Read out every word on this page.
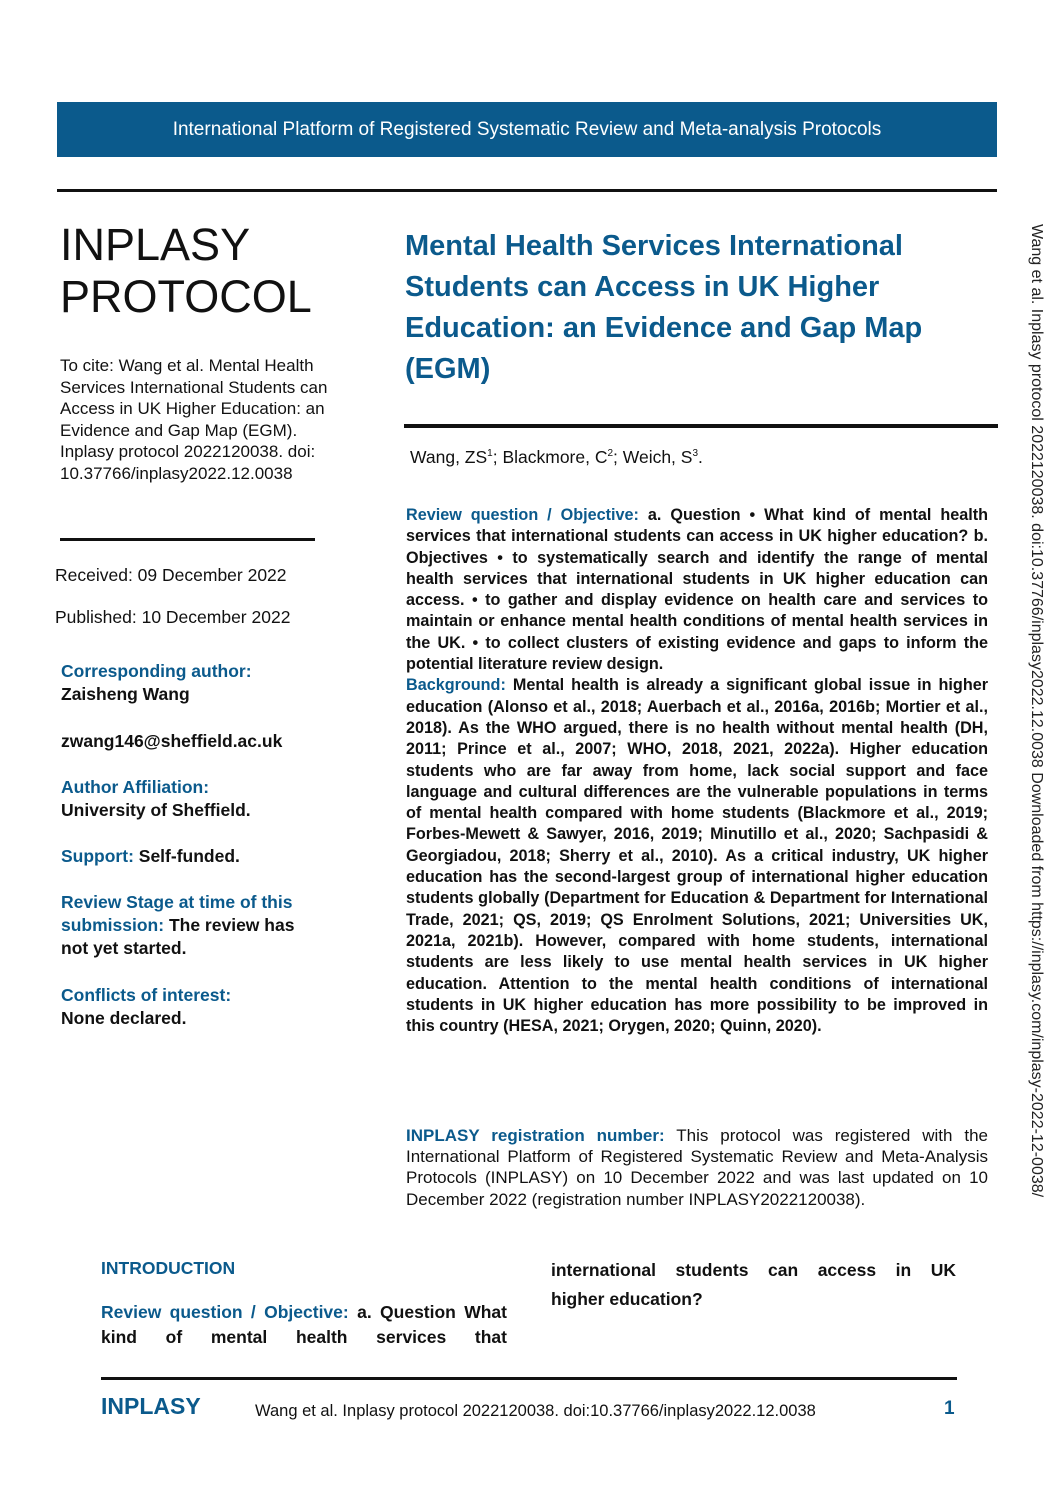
International Platform of Registered Systematic Review and Meta-analysis Protocols
INPLASY
PROTOCOL
To cite: Wang et al. Mental Health Services International Students can Access in UK Higher Education: an Evidence and Gap Map (EGM). Inplasy protocol 2022120038. doi: 10.37766/inplasy2022.12.0038
Received: 09 December 2022
Published: 10 December 2022
Corresponding author:
Zaisheng Wang
zwang146@sheffield.ac.uk
Author Affiliation:
University of Sheffield.
Support: Self-funded.
Review Stage at time of this submission: The review has not yet started.
Conflicts of interest:
None declared.
Mental Health Services International Students can Access in UK Higher Education: an Evidence and Gap Map (EGM)
Wang, $ZS^1$; Blackmore, $C^2$; Weich, $S^3$.

Review question / Objective: a. Question • What kind of mental health services that international students can access in UK higher education? b. Objectives • to systematically search and identify the range of mental health services that international students in UK higher education can access. • to gather and display evidence on health care and services to maintain or enhance mental health conditions of mental health services in the UK. • to collect clusters of existing evidence and gaps to inform the potential literature review design.

Background: Mental health is already a significant global issue in higher education (Alonso et al., 2018; Auerbach et al., 2016a, 2016b; Mortier et al., 2018). As the WHO argued, there is no health without mental health (DH, 2011; Prince et al., 2007; WHO, 2018, 2021, 2022a). Higher education students who are far away from home, lack social support and face language and cultural differences are the vulnerable populations in terms of mental health compared with home students (Blackmore et al., 2019; Forbes-Mewett & Sawyer, 2016, 2019; Minutillo et al., 2020; Sachpasidi & Georgiadou, 2018; Sherry et al., 2010). As a critical industry, UK higher education has the second-largest group of international higher education students globally (Department for Education & Department for International Trade, 2021; QS, 2019; QS Enrolment Solutions, 2021; Universities UK, 2021a, 2021b). However, compared with home students, international students are less likely to use mental health services in UK higher education. Attention to the mental health conditions of international students in UK higher education has more possibility to be improved in this country (HESA, 2021; Orygen, 2020; Quinn, 2020).

INPLASY registration number: This protocol was registered with the International Platform of Registered Systematic Review and Meta-Analysis Protocols (INPLASY) on 10 December 2022 and was last updated on 10 December 2022 (registration number INPLASY2022120038).
INTRODUCTION
Review question / Objective: a. Question What kind of mental health services that
international students can access in UK
higher education?
INPLASY	Wang et al. Inplasy protocol 2022120038. doi:10.37766/inplasy2022.12.0038	1
Wang et al. Inplasy protocol 2022120038. doi:10.37766/inplasy2022.12.0038 Downloaded from https://inplasy.com/inplasy-2022-12-0038/
